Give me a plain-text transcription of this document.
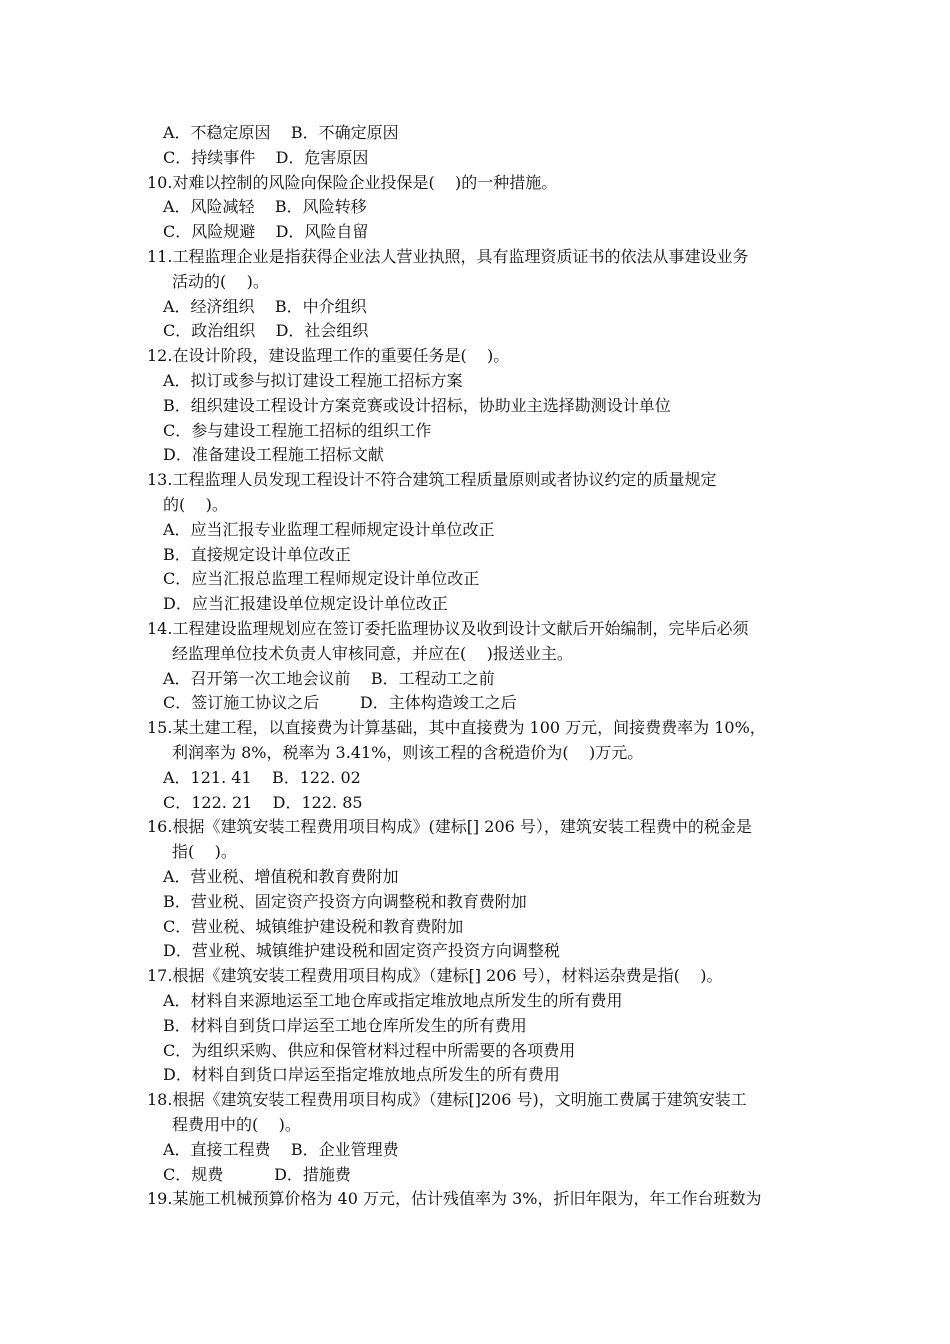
A．不稳定原因    B．不确定原因
C．持续事件    D．危害原因
10.对难以控制的风险向保险企业投保是(    )的一种措施。
A．风险减轻    B．风险转移
C．风险规避    D．风险自留
11.工程监理企业是指获得企业法人营业执照，具有监理资质证书的依法从事建设业务
活动的(    )。
A．经济组织    B．中介组织
C．政治组织    D．社会组织
12.在设计阶段，建设监理工作的重要任务是(    )。
A．拟订或参与拟订建设工程施工招标方案
B．组织建设工程设计方案竞赛或设计招标，协助业主选择勘测设计单位
C．参与建设工程施工招标的组织工作
D．准备建设工程施工招标文献
13.工程监理人员发现工程设计不符合建筑工程质量原则或者协议约定的质量规定
的(    )。
A．应当汇报专业监理工程师规定设计单位改正
B．直接规定设计单位改正
C．应当汇报总监理工程师规定设计单位改正
D．应当汇报建设单位规定设计单位改正
14.工程建设监理规划应在签订委托监理协议及收到设计文献后开始编制，完毕后必须
经监理单位技术负责人审核同意，并应在(    )报送业主。
A．召开第一次工地会议前    B．工程动工之前
C．签订施工协议之后        D．主体构造竣工之后
15.某土建工程，以直接费为计算基础，其中直接费为 100 万元，间接费费率为 10%，
利润率为 8%，税率为 3.41%，则该工程的含税造价为(    )万元。
A．121. 41    B．122. 02
C．122. 21    D．122. 85
16.根据《建筑安装工程费用项目构成》(建标[] 206 号），建筑安装工程费中的税金是
指(    )。
A．营业税、增值税和教育费附加
B．营业税、固定资产投资方向调整税和教育费附加
C．营业税、城镇维护建设税和教育费附加
D．营业税、城镇维护建设税和固定资产投资方向调整税
17.根据《建筑安装工程费用项目构成》（建标[] 206 号），材料运杂费是指(    )。
A．材料自来源地运至工地仓库或指定堆放地点所发生的所有费用
B．材料自到货口岸运至工地仓库所发生的所有费用
C．为组织采购、供应和保管材料过程中所需要的各项费用
D．材料自到货口岸运至指定堆放地点所发生的所有费用
18.根据《建筑安装工程费用项目构成》（建标[]206 号)，文明施工费属于建筑安装工
程费用中的(    )。
A．直接工程费    B．企业管理费
C．规费          D．措施费
19.某施工机械预算价格为 40 万元，估计残值率为 3%，折旧年限为，年工作台班数为
